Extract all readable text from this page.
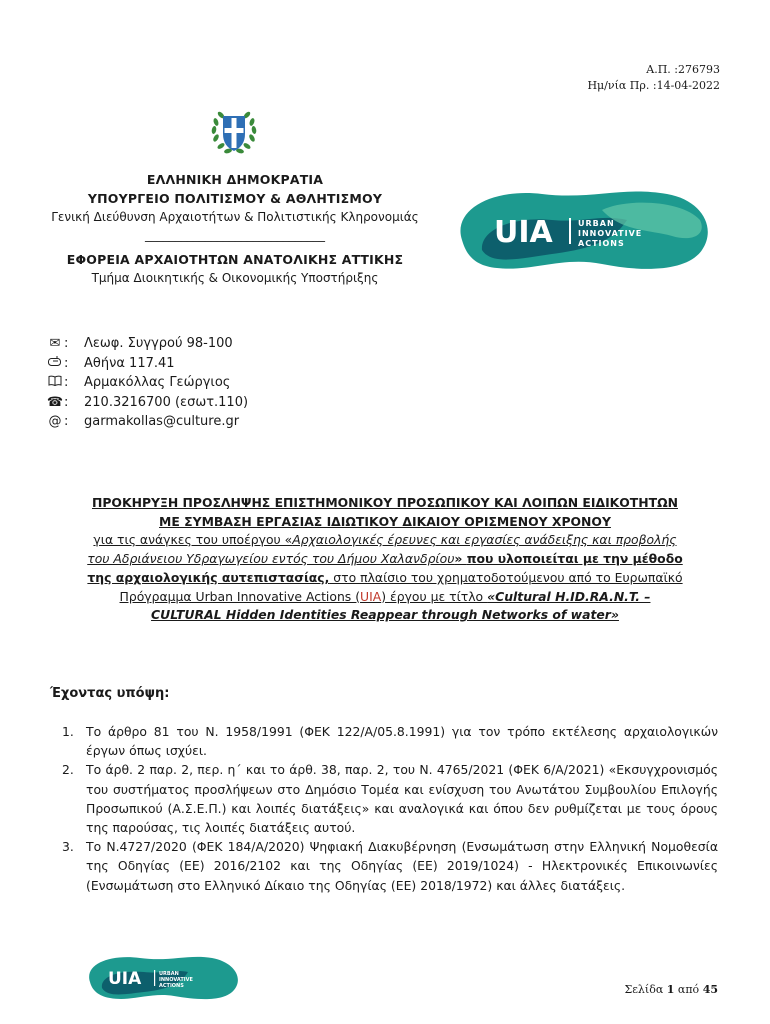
Α.Π. :276793
Ημ/νία Πρ. :14-04-2022
ΕΛΛΗΝΙΚΗ ΔΗΜΟΚΡΑΤΙΑ
ΥΠΟΥΡΓΕΙΟ ΠΟΛΙΤΙΣΜΟΥ & ΑΘΛΗΤΙΣΜΟΥ
Γενική Διεύθυνση Αρχαιοτήτων & Πολιτιστικής Κληρονομιάς
______________________________
ΕΦΟΡΕΙΑ ΑΡΧΑΙΟΤΗΤΩΝ ΑΝΑΤΟΛΙΚΗΣ ΑΤΤΙΚΗΣ
Τμήμα Διοικητικής & Οικονομικής Υποστήριξης
UIA	URBAN
INNOVATIVE
ACTIONS
✉ :	Λεωφ. Συγγρού 98-100
:	Αθήνα 117.41
:	Αρμακόλλας Γεώργιος
☎ :	210.3216700 (εσωτ.110)
@ :	garmakollas@culture.gr
ΠΡΟΚΗΡΥΞΗ ΠΡΟΣΛΗΨΗΣ ΕΠΙΣΤΗΜΟΝΙΚΟΥ ΠΡΟΣΩΠΙΚΟΥ ΚΑΙ ΛΟΙΠΩΝ ΕΙΔΙΚΟΤΗΤΩΝ
ΜΕ ΣΥΜΒΑΣΗ ΕΡΓΑΣΙΑΣ ΙΔΙΩΤΙΚΟΥ ΔΙΚΑΙΟΥ ΟΡΙΣΜΕΝΟΥ ΧΡΟΝΟΥ
για τις ανάγκες του υποέργου «Αρχαιολογικές έρευνες και εργασίες ανάδειξης και προβολής
του Αδριάνειου Υδραγωγείου εντός του Δήμου Χαλανδρίου» που υλοποιείται με την μέθοδο
της αρχαιολογικής αυτεπιστασίας, στο πλαίσιο του χρηματοδοτούμενου από το Ευρωπαϊκό
Πρόγραμμα Urban Innovative Actions (UIA) έργου με τίτλο «Cultural H.ID.RA.N.T. –
CULTURAL Hidden Identities Reappear through Networks of water»
Έχοντας υπόψη:
1. Το άρθρο 81 του Ν. 1958/1991 (ΦΕΚ 122/Α/05.8.1991) για τον τρόπο εκτέλεσης αρχαιολογικών έργων όπως ισχύει.
2. Το άρθ. 2 παρ. 2, περ. η΄ και το άρθ. 38, παρ. 2, του Ν. 4765/2021 (ΦΕΚ 6/Α/2021) «Εκσυγχρονισμός του συστήματος προσλήψεων στο Δημόσιο Τομέα και ενίσχυση του Ανωτάτου Συμβουλίου Επιλογής Προσωπικού (Α.Σ.Ε.Π.) και λοιπές διατάξεις» και αναλογικά και όπου δεν ρυθμίζεται με τους όρους της παρούσας, τις λοιπές διατάξεις αυτού.
3. Το Ν.4727/2020 (ΦΕΚ 184/Α/2020) Ψηφιακή Διακυβέρνηση (Ενσωμάτωση στην Ελληνική Νομοθεσία της Οδηγίας (ΕΕ) 2016/2102 και της Οδηγίας (ΕΕ) 2019/1024) - Ηλεκτρονικές Επικοινωνίες (Ενσωμάτωση στο Ελληνικό Δίκαιο της Οδηγίας (ΕΕ) 2018/1972) και άλλες διατάξεις.
UIA	URBAN
INNOVATIVE
ACTIONS	Σελίδα 1 από 45
